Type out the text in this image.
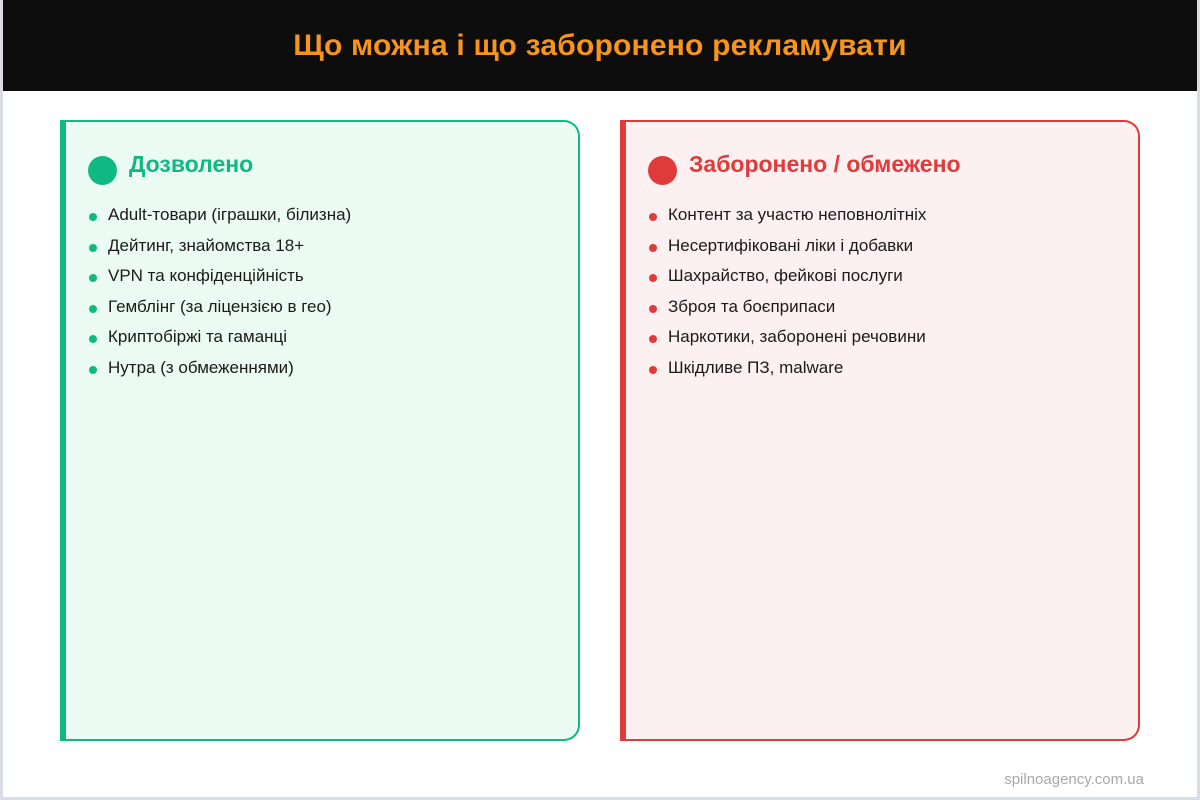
Що можна і що заборонено рекламувати
Дозволено
Adult-товари (іграшки, білизна)
Дейтинг, знайомства 18+
VPN та конфіденційність
Гемблінг (за ліцензією в гео)
Криптобіржі та гаманці
Нутра (з обмеженнями)
Заборонено / обмежено
Контент за участю неповнолітніх
Несертифіковані ліки і добавки
Шахрайство, фейкові послуги
Зброя та боєприпаси
Наркотики, заборонені речовини
Шкідливе ПЗ, malware
spilnoagency.com.ua
